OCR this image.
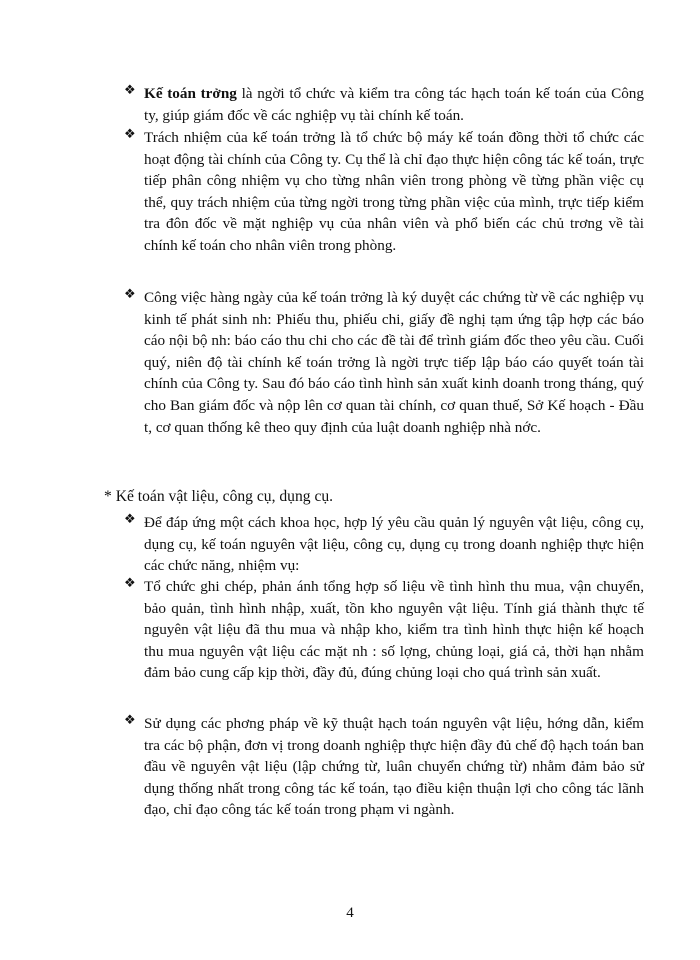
❖ Kế toán trởng là ngời tổ chức và kiểm tra công tác hạch toán kế toán của Công ty, giúp giám đốc về các nghiệp vụ tài chính kế toán.
❖ Trách nhiệm của kế toán trởng là tổ chức bộ máy kế toán đồng thời tổ chức các hoạt động tài chính của Công ty. Cụ thể là chỉ đạo thực hiện công tác kế toán, trực tiếp phân công nhiệm vụ cho từng nhân viên trong phòng về từng phần việc cụ thể, quy trách nhiệm của từng ngời trong từng phần việc của mình, trực tiếp kiểm tra đôn đốc về mặt nghiệp vụ của nhân viên và phổ biến các chủ trơng về tài chính kế toán cho nhân viên trong phòng.
❖ Công việc hàng ngày của kế toán trởng là ký duyệt các chứng từ về các nghiệp vụ kinh tế phát sinh nh: Phiếu thu, phiếu chi, giấy đề nghị tạm ứng tập hợp các báo cáo nội bộ nh: báo cáo thu chi cho các đề tài để trình giám đốc theo yêu cầu. Cuối quý, niên độ tài chính kế toán trởng là ngời trực tiếp lập báo cáo quyết toán tài chính của Công ty. Sau đó báo cáo tình hình sản xuất kinh doanh trong tháng, quý cho Ban giám đốc và nộp lên cơ quan tài chính, cơ quan thuế, Sở Kế hoạch - Đầu t, cơ quan thống kê theo quy định của luật doanh nghiệp nhà nớc.
* Kế toán vật liệu, công cụ, dụng cụ.
❖ Để đáp ứng một cách khoa học, hợp lý yêu cầu quản lý nguyên vật liệu, công cụ, dụng cụ, kế toán nguyên vật liệu, công cụ, dụng cụ trong doanh nghiệp thực hiện các chức năng, nhiệm vụ:
❖ Tổ chức ghi chép, phản ánh tổng hợp số liệu về tình hình thu mua, vận chuyển, bảo quản, tình hình nhập, xuất, tồn kho nguyên vật liệu. Tính giá thành thực tế nguyên vật liệu đã thu mua và nhập kho, kiểm tra tình hình thực hiện kế hoạch thu mua nguyên vật liệu các mặt nh : số lợng, chủng loại, giá cả, thời hạn nhằm đảm bảo cung cấp kịp thời, đầy đủ, đúng chủng loại cho quá trình sản xuất.
❖ Sử dụng các phơng pháp về kỹ thuật hạch toán nguyên vật liệu, hớng dẫn, kiểm tra các bộ phận, đơn vị trong doanh nghiệp thực hiện đầy đủ chế độ hạch toán ban đầu về nguyên vật liệu (lập chứng từ, luân chuyển chứng từ) nhằm đảm bảo sử dụng thống nhất trong công tác kế toán, tạo điều kiện thuận lợi cho công tác lãnh đạo, chỉ đạo công tác kế toán trong phạm vi ngành.
4
